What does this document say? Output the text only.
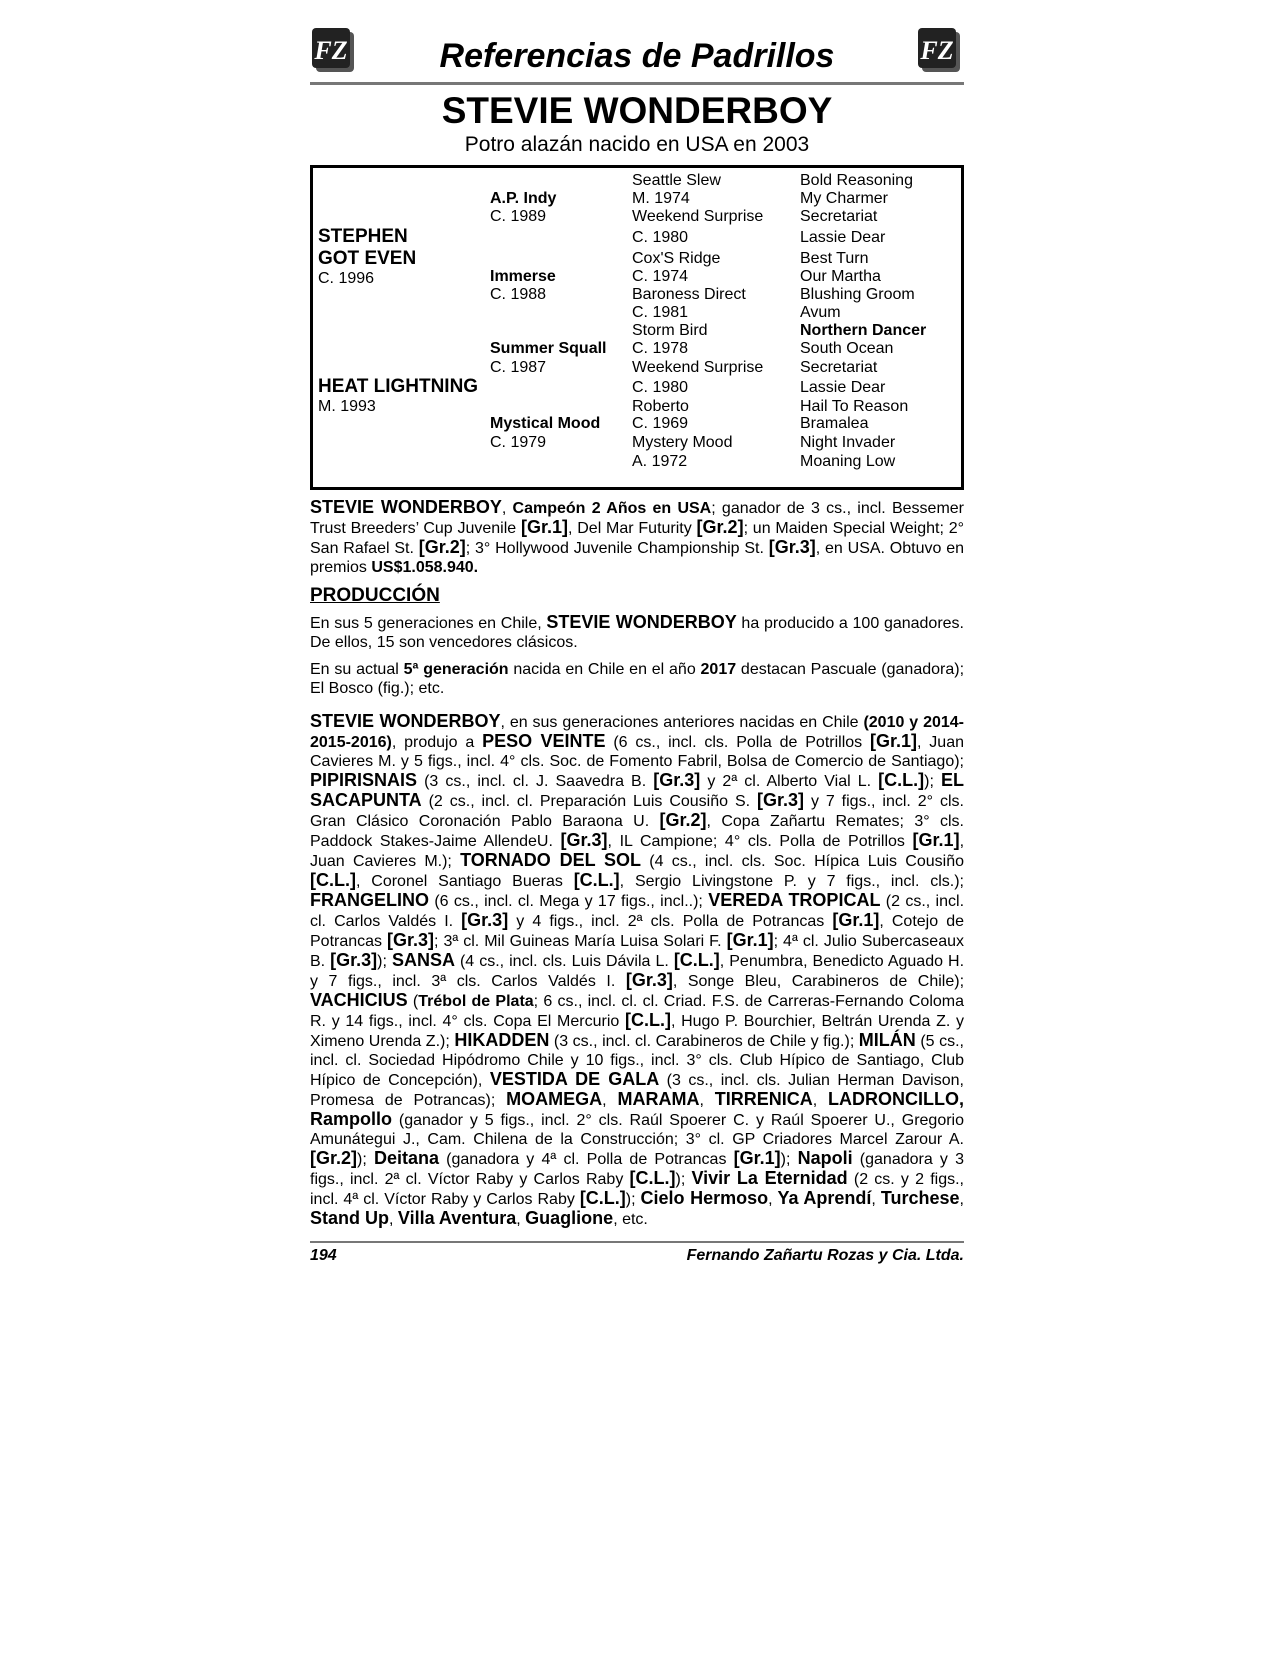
FZ	FZ
Referencias de Padrillos
STEVIE WONDERBOY
Potro alazán nacido en USA en 2003
STEPHEN
GOT EVEN
C. 1996
HEAT LIGHTNING
M. 1993
A.P. Indy
C. 1989
Immerse
C. 1988
Summer Squall
C. 1987
Mystical Mood
C. 1979
Seattle Slew
M. 1974
Weekend Surprise
C. 1980
Cox'S Ridge
C. 1974
Baroness Direct
C. 1981
Storm Bird
C. 1978
Weekend Surprise
C. 1980
Roberto
C. 1969
Mystery Mood
A. 1972
Bold Reasoning
My Charmer
Secretariat
Lassie Dear
Best Turn
Our Martha
Blushing Groom
Avum
Northern Dancer
South Ocean
Secretariat
Lassie Dear
Hail To Reason
Bramalea
Night Invader
Moaning Low

STEVIE WONDERBOY, Campeón 2 Años en USA; ganador de 3 cs., incl. Bessemer Trust Breeders’ Cup Juvenile [Gr.1], Del Mar Futurity [Gr.2]; un Maiden Special Weight; 2° San Rafael St. [Gr.2]; 3° Hollywood Juvenile Championship St. [Gr.3], en USA. Obtuvo en premios US$1.058.940.

PRODUCCIÓN

En sus 5 generaciones en Chile, STEVIE WONDERBOY ha producido a 100 ganadores. De ellos, 15 son vencedores clásicos.

En su actual 5ª generación nacida en Chile en el año 2017 destacan Pascuale (ganadora); El Bosco (fig.); etc.

STEVIE WONDERBOY, en sus generaciones anteriores nacidas en Chile (2010 y 2014-2015-2016), produjo a PESO VEINTE (6 cs., incl. cls. Polla de Potrillos [Gr.1], Juan Cavieres M. y 5 figs., incl. 4° cls. Soc. de Fomento Fabril, Bolsa de Comercio de Santiago); PIPIRISNAIS (3 cs., incl. cl. J. Saavedra B. [Gr.3] y 2ª cl. Alberto Vial L. [C.L.]); EL SACAPUNTA (2 cs., incl. cl. Preparación Luis Cousiño S. [Gr.3] y 7 figs., incl. 2° cls. Gran Clásico Coronación Pablo Baraona U. [Gr.2], Copa Zañartu Remates; 3° cls. Paddock Stakes-Jaime AllendeU. [Gr.3], IL Campione; 4° cls. Polla de Potrillos [Gr.1], Juan Cavieres M.); TORNADO DEL SOL (4 cs., incl. cls. Soc. Hípica Luis Cousiño [C.L.], Coronel Santiago Bueras [C.L.], Sergio Livingstone P. y 7 figs., incl. cls.); FRANGELINO (6 cs., incl. cl. Mega y 17 figs., incl..); VEREDA TROPICAL (2 cs., incl. cl. Carlos Valdés I. [Gr.3] y 4 figs., incl. 2ª cls. Polla de Potrancas [Gr.1], Cotejo de Potrancas [Gr.3]; 3ª cl. Mil Guineas María Luisa Solari F. [Gr.1]; 4ª cl. Julio Subercaseaux B. [Gr.3]); SANSA (4 cs., incl. cls. Luis Dávila L. [C.L.], Penumbra, Benedicto Aguado H. y 7 figs., incl. 3ª cls. Carlos Valdés I. [Gr.3], Songe Bleu, Carabineros de Chile); VACHICIUS (Trébol de Plata; 6 cs., incl. cl. cl. Criad. F.S. de Carreras-Fernando Coloma R. y 14 figs., incl. 4° cls. Copa El Mercurio [C.L.], Hugo P. Bourchier, Beltrán Urenda Z. y Ximeno Urenda Z.); HIKADDEN (3 cs., incl. cl. Carabineros de Chile y fig.); MILÁN (5 cs., incl. cl. Sociedad Hipódromo Chile y 10 figs., incl. 3° cls. Club Hípico de Santiago, Club Hípico de Concepción), VESTIDA DE GALA (3 cs., incl. cls. Julian Herman Davison, Promesa de Potrancas); MOAMEGA, MARAMA, TIRRENICA, LADRONCILLO, Rampollo (ganador y 5 figs., incl. 2° cls. Raúl Spoerer C. y Raúl Spoerer U., Gregorio Amunátegui J., Cam. Chilena de la Construcción; 3° cl. GP Criadores Marcel Zarour A. [Gr.2]); Deitana (ganadora y 4ª cl. Polla de Potrancas [Gr.1]); Napoli (ganadora y 3 figs., incl. 2ª cl. Víctor Raby y Carlos Raby [C.L.]); Vivir La Eternidad (2 cs. y 2 figs., incl. 4ª cl. Víctor Raby y Carlos Raby [C.L.]); Cielo Hermoso, Ya Aprendí, Turchese, Stand Up, Villa Aventura, Guaglione, etc.

194	Fernando Zañartu Rozas y Cia. Ltda.
